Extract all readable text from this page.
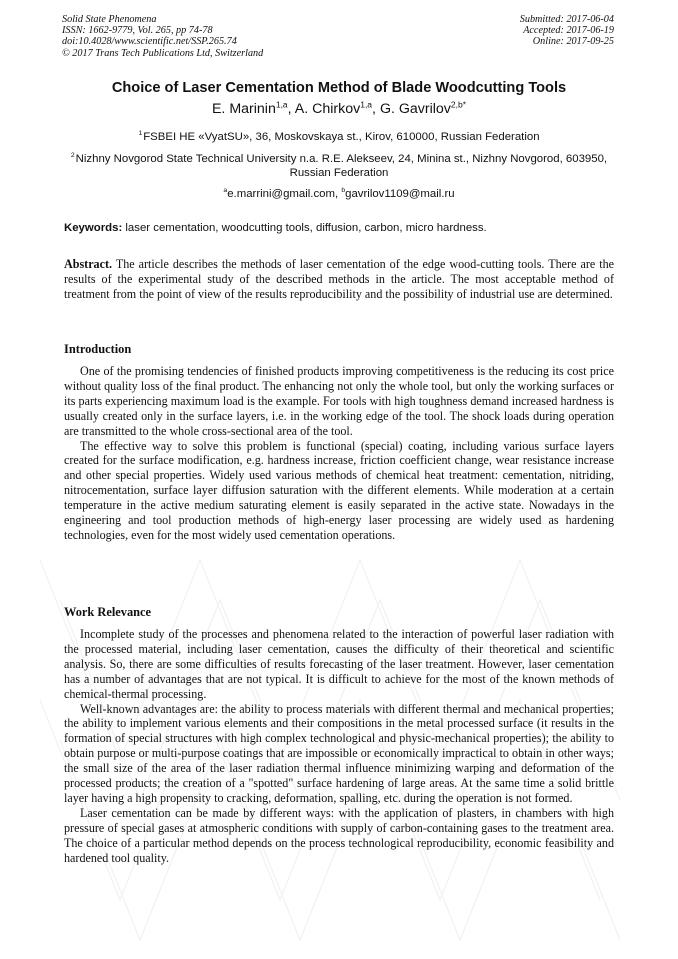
Solid State Phenomena
ISSN: 1662-9779, Vol. 265, pp 74-78
doi:10.4028/www.scientific.net/SSP.265.74
© 2017 Trans Tech Publications Ltd, Switzerland
Submitted: 2017-06-04
Accepted: 2017-06-19
Online: 2017-09-25
Choice of Laser Cementation Method of Blade Woodcutting Tools
E. Marinin$^{1,a}$, A. Chirkov$^{1,a}$, G. Gavrilov$^{2,b*}$
$^1$ FSBEI HE «VyatSU», 36, Moskovskaya st., Kirov, 610000, Russian Federation
$^2$ Nizhny Novgorod State Technical University n.a. R.E. Alekseev, 24, Minina st., Nizhny Novgorod, 603950, Russian Federation
$^a$e.marrini@gmail.com, $^b$gavrilov1109@mail.ru
Keywords: laser cementation, woodcutting tools, diffusion, carbon, micro hardness.

Abstract. The article describes the methods of laser cementation of the edge wood-cutting tools. There are the results of the experimental study of the described methods in the article. The most acceptable method of treatment from the point of view of the results reproducibility and the possibility of industrial use are determined.

Introduction

One of the promising tendencies of finished products improving competitiveness is the reducing its cost price without quality loss of the final product. The enhancing not only the whole tool, but only the working surfaces or its parts experiencing maximum load is the example. For tools with high toughness demand increased hardness is usually created only in the surface layers, i.e. in the working edge of the tool. The shock loads during operation are transmitted to the whole cross-sectional area of the tool.

The effective way to solve this problem is functional (special) coating, including various surface layers created for the surface modification, e.g. hardness increase, friction coefficient change, wear resistance increase and other special properties. Widely used various methods of chemical heat treatment: cementation, nitriding, nitrocementation, surface layer diffusion saturation with the different elements. While moderation at a certain temperature in the active medium saturating element is easily separated in the active state. Nowadays in the engineering and tool production methods of high-energy laser processing are widely used as hardening technologies, even for the most widely used cementation operations.

Work Relevance

Incomplete study of the processes and phenomena related to the interaction of powerful laser radiation with the processed material, including laser cementation, causes the difficulty of their theoretical and scientific analysis. So, there are some difficulties of results forecasting of the laser treatment. However, laser cementation has a number of advantages that are not typical. It is difficult to achieve for the most of the known methods of chemical-thermal processing.

Well-known advantages are: the ability to process materials with different thermal and mechanical properties; the ability to implement various elements and their compositions in the metal processed surface (it results in the formation of special structures with high complex technological and physic-mechanical properties); the ability to obtain purpose or multi-purpose coatings that are impossible or economically impractical to obtain in other ways; the small size of the area of the laser radiation thermal influence minimizing warping and deformation of the processed products; the creation of a "spotted" surface hardening of large areas. At the same time a solid brittle layer having a high propensity to cracking, deformation, spalling, etc. during the operation is not formed.

Laser cementation can be made by different ways: with the application of plasters, in chambers with high pressure of special gases at atmospheric conditions with supply of carbon-containing gases to the treatment area. The choice of a particular method depends on the process technological reproducibility, economic feasibility and hardened tool quality.
